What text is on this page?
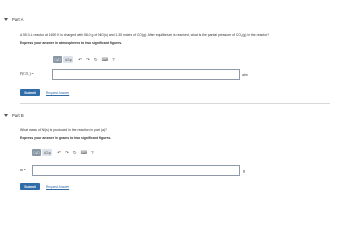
Part A
A 55.0-L reactor at 1690 K is charged with 58.0 g of NiO(s) and 1.35 moles of CO(g). After equilibrium is reached, what is the partial pressure of CO₂(g) in the reactor?
Express your answer in atmospheres to two significant figures.
□√□	AΣφ	↶ ↷ ↻ ⌨ ?
P(CO₂) =	atm
Submit	Request Answer
Part B
What mass of Ni(s) is produced in the reaction in part (a)?
Express your answer in grams to two significant figures.
□√□	AΣφ	↶ ↷ ↻ ⌨ ?
m =	g
Submit	Request Answer
